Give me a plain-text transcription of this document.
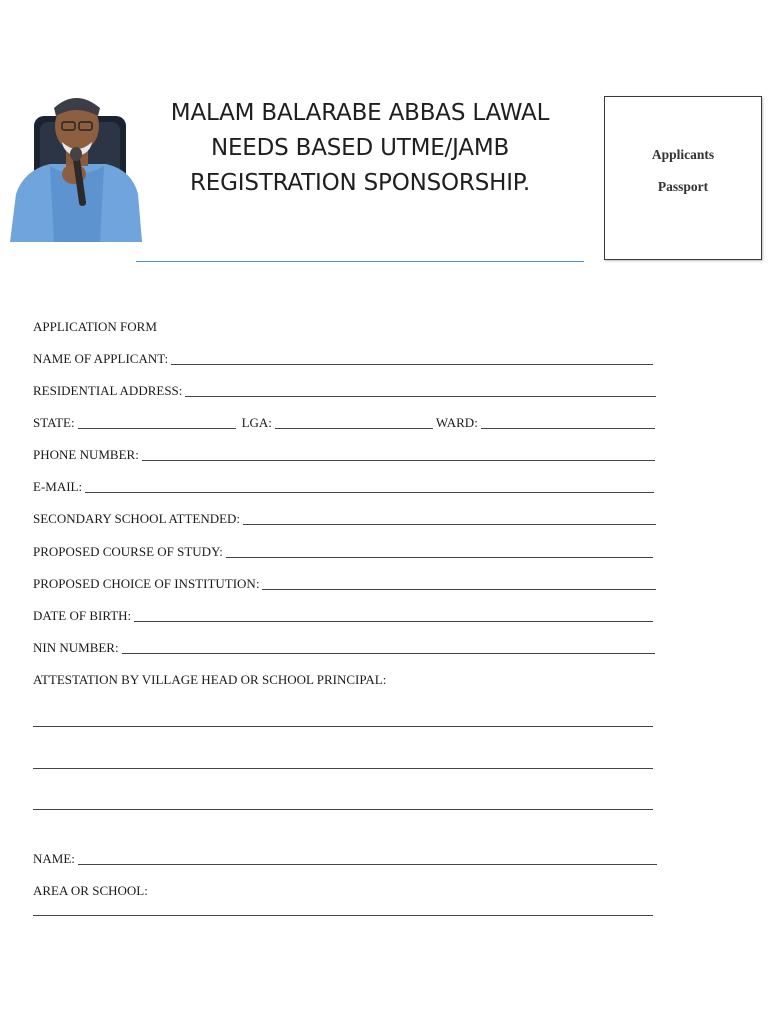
MALAM BALARABE ABBAS LAWAL
NEEDS BASED UTME/JAMB
REGISTRATION SPONSORSHIP.
Applicants
Passport
APPLICATION FORM
NAME OF APPLICANT:
RESIDENTIAL ADDRESS:
STATE:	LGA:	WARD:
PHONE NUMBER:
E-MAIL:
SECONDARY SCHOOL ATTENDED:
PROPOSED COURSE OF STUDY:
PROPOSED CHOICE OF INSTITUTION:
DATE OF BIRTH:
NIN NUMBER:
ATTESTATION BY VILLAGE HEAD OR SCHOOL PRINCIPAL:
NAME:
AREA OR SCHOOL:
